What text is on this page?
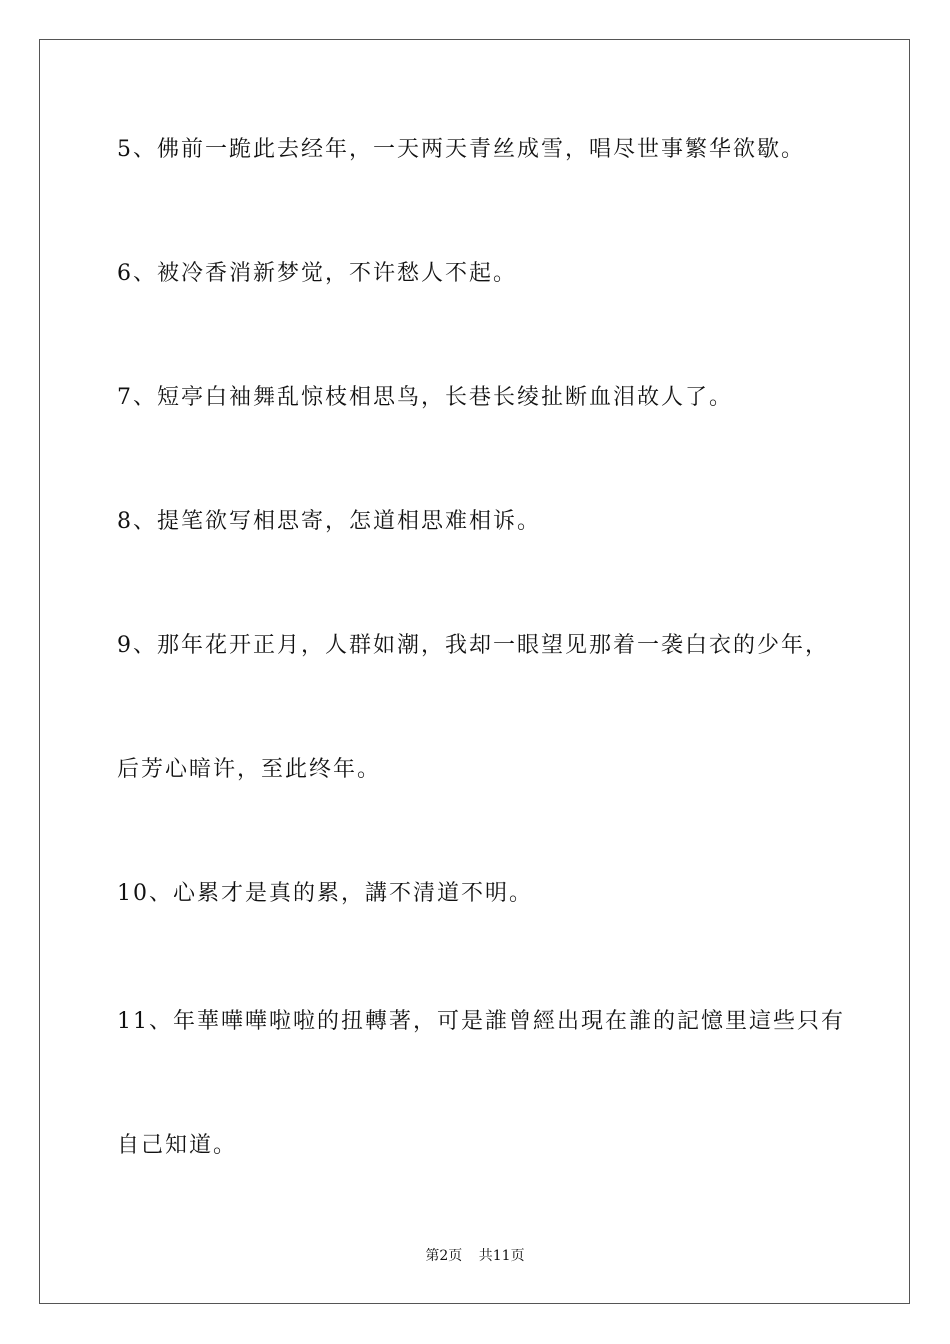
5、佛前一跪此去经年，一天两天青丝成雪，唱尽世事繁华欲歇。
6、被冷香消新梦觉，不许愁人不起。
7、短亭白袖舞乱惊枝相思鸟，长巷长绫扯断血泪故人了。
8、提笔欲写相思寄，怎道相思难相诉。
9、那年花开正月，人群如潮，我却一眼望见那着一袭白衣的少年，
后芳心暗许，至此终年。
10、心累才是真的累，講不清道不明。
11、年華嘩嘩啦啦的扭轉著，可是誰曾經出現在誰的記憶里這些只有
自己知道。
第2页 共11页
